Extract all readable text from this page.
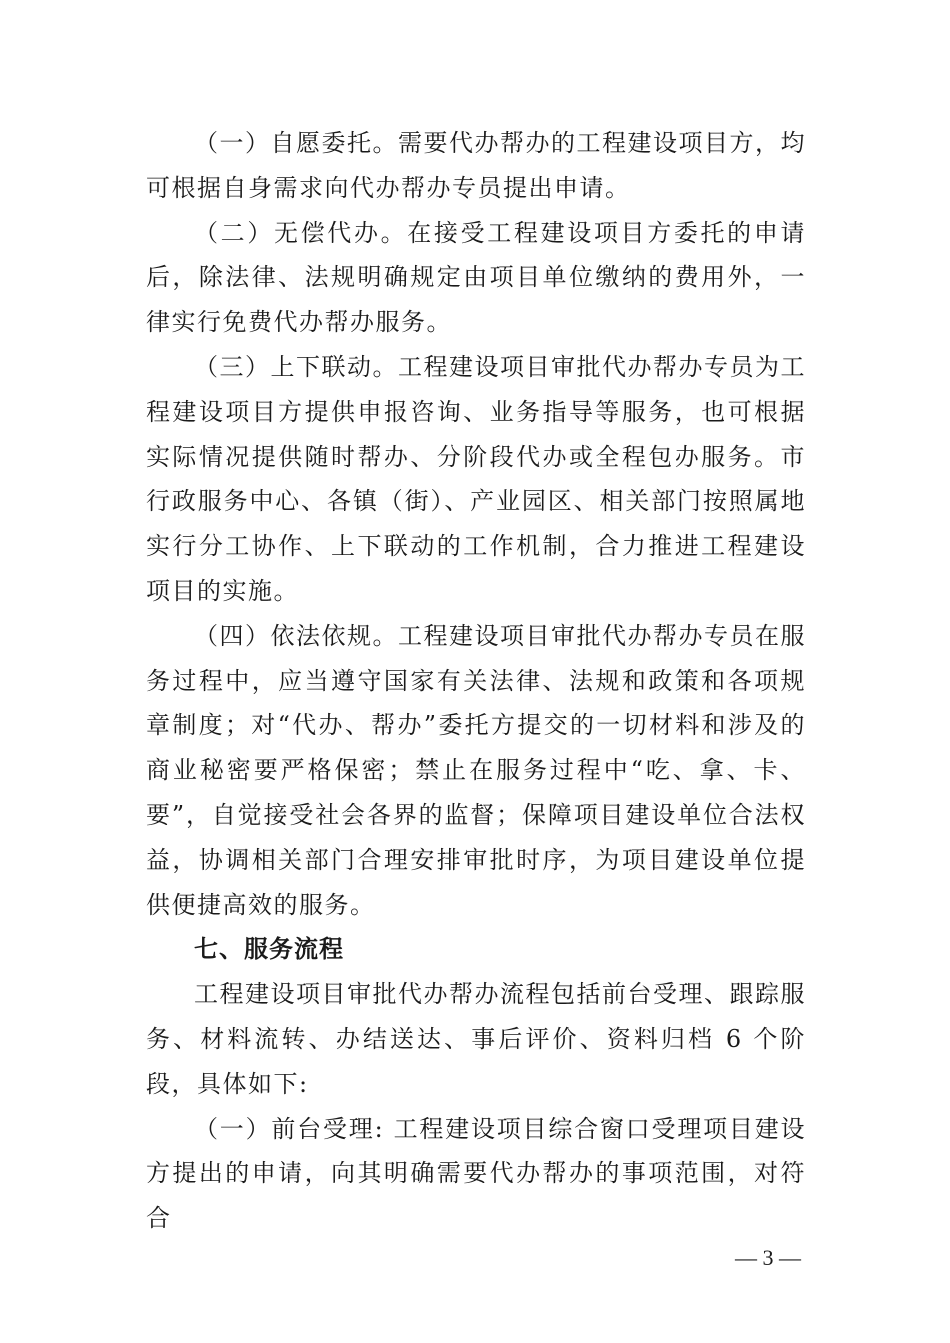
（一）自愿委托。需要代办帮办的工程建设项目方，均可根据自身需求向代办帮办专员提出申请。

（二）无偿代办。在接受工程建设项目方委托的申请后，除法律、法规明确规定由项目单位缴纳的费用外，一律实行免费代办帮办服务。

（三）上下联动。工程建设项目审批代办帮办专员为工程建设项目方提供申报咨询、业务指导等服务，也可根据实际情况提供随时帮办、分阶段代办或全程包办服务。市行政服务中心、各镇（街）、产业园区、相关部门按照属地实行分工协作、上下联动的工作机制，合力推进工程建设项目的实施。

（四）依法依规。工程建设项目审批代办帮办专员在服务过程中，应当遵守国家有关法律、法规和政策和各项规章制度；对“代办、帮办”委托方提交的一切材料和涉及的商业秘密要严格保密；禁止在服务过程中“吃、拿、卡、要”，自觉接受社会各界的监督；保障项目建设单位合法权益，协调相关部门合理安排审批时序，为项目建设单位提供便捷高效的服务。

七、服务流程

工程建设项目审批代办帮办流程包括前台受理、跟踪服务、材料流转、办结送达、事后评价、资料归档 6 个阶段，具体如下:

（一）前台受理: 工程建设项目综合窗口受理项目建设方提出的申请，向其明确需要代办帮办的事项范围，对符合

— 3 —
